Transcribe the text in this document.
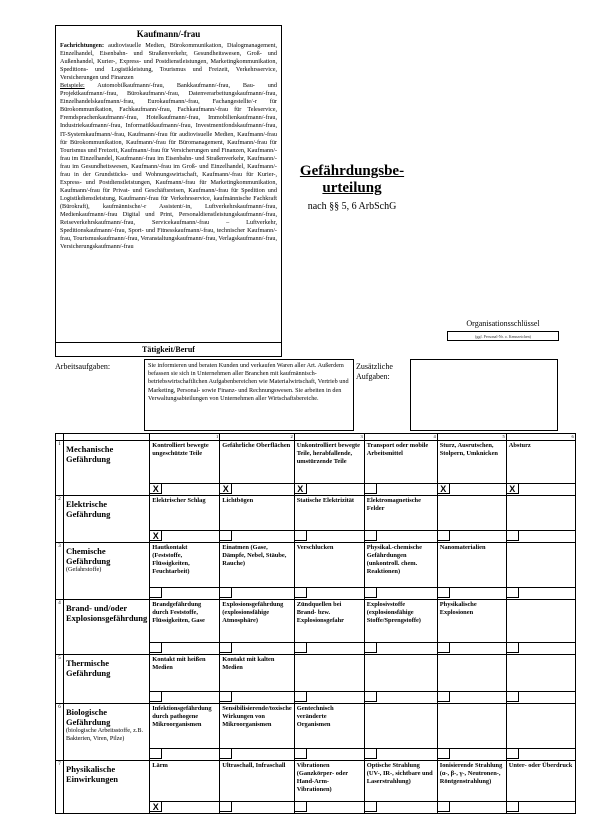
Kaufmann/-frau

Fachrichtungen: audiovisuelle Medien, Bürokommunikation, Dialogmanagement, Einzelhandel, Eisenbahn- und Straßenverkehr, Gesundheitswesen, Groß- und Außenhandel, Kurier-, Express- und Postdienstleistungen, Marketingkommunikation, Speditions- und Logistikleistung, Tourismus und Freizeit, Verkehrsservice, Versicherungen und Finanzen

Beispiele: Automobilkaufmann/-frau, Bankkaufmann/-frau, Bau- und Projektkaufmann/-frau, Bürokaufmann/-frau, Datenverarbeitungskaufmann/-frau, Einzelhandelskaufmann/-frau, Eurokaufmann/-frau, Fachangestellte/-r für Bürokommunikation, Fachkaufmann/-frau, Fachkaufmann/-frau für Teleservice, Fremdsprachenkaufmann/-frau, Hotelkaufmann/-frau, Immobilienkaufmann/-frau, Industriekaufmann/-frau, Informatikkaufmann/-frau, Investmentfondskaufmann/-frau, IT-Systemkaufmann/-frau, Kaufmann/-frau für audiovisuelle Medien, Kaufmann/-frau für Bürokommunikation, Kaufmann/-frau für Büromanagement, Kaufmann/-frau für Tourismus und Freizeit, Kaufmann/-frau für Versicherungen und Finanzen, Kaufmann/-frau im Einzelhandel, Kaufmann/-frau im Eisenbahn- und Straßenverkehr, Kaufmann/-frau im Gesundheitswesen, Kaufmann/-frau im Groß- und Einzelhandel, Kaufmann/-frau in der Grundstücks- und Wohnungswirtschaft, Kaufmann/-frau für Kurier-, Express- und Postdienstleistungen, Kaufmann/-frau für Marketingkommunikation, Kaufmann/-frau für Privat- und Geschäftsreisen, Kaufmann/-frau für Spedition und Logistikdienstleistung, Kaufmann/-frau für Verkehrsservice, kaufmännische Fachkraft (Bürokraft), kaufmännische/-r Assistent/-in, Luftverkehrskaufmann/-frau, Medienkaufmann/-frau Digital und Print, Personaldienstleistungskaufmann/-frau, Reiseverkehrskaufmann/-frau, Servicekaufmann/-frau – Luftverkehr, Speditionskaufmann/-frau, Sport- und Fitnesskaufmann/-frau, technischer Kaufmann/-frau, Tourismuskaufmann/-frau, Veranstaltungskaufmann/-frau, Verlagskaufmann/-frau, Versicherungskaufmann/-frau

Tätigkeit/Beruf
Gefährdungsbe-urteilung
nach §§ 5, 6 ArbSchG
Organisationsschlüssel
(ggf. Personal-Nr. o. Kennzeichen)
Arbeitsaufgaben:	Sie informieren und beraten Kunden und verkaufen Waren aller Art. Außerdem befassen sie sich in Unternehmen aller Branchen mit kaufmännisch-betriebswirtschaftlichen Aufgabenbereichen wie Materialwirtschaft, Vertrieb und Marketing, Personal- sowie Finanz- und Rechnungswesen. Sie arbeiten in den Verwaltungsabteilungen von Unternehmen aller Wirtschaftsbereiche.

Zusätzliche Aufgaben:

		1	2	3	4	5	6

1	Mechanische Gefährdung	Kontrolliert bewegte ungeschützte Teile	Gefährliche Oberflächen	Unkontrolliert bewegte Teile, herabfallende, umstürzende Teile	Transport oder mobile Arbeitsmittel	Sturz, Ausrutschen, Stolpern, Umknicken	Absturz

		X	X	X		X	X

2	Elektrische Gefährdung	Elektrischer Schlag	Lichtbögen	Statische Elektrizität	Elektromagnetische Felder		

		X					

3	Chemische Gefährdung
(Gefahrstoffe)	Hautkontakt (Feststoffe, Flüssigkeiten, Feuchtarbeit)	Einatmen (Gase, Dämpfe, Nebel, Stäube, Rauche)	Verschlucken	Physikal.-chemische Gefährdungen (unkontroll. chem. Reaktionen)	Nanomaterialien	

4	Brand- und/oder Explosionsgefährdung	Brandgefährdung durch Feststoffe, Flüssigkeiten, Gase	Explosionsgefährdung (explosionsfähige Atmosphäre)	Zündquellen bei Brand- bzw. Explosionsgefahr	Explosivstoffe (explosionsfähige Stoffe/Sprengstoffe)	Physikalische Explosionen	

5	Thermische Gefährdung	Kontakt mit heißen Medien	Kontakt mit kalten Medien				

6	Biologische Gefährdung
(biologische Arbeitsstoffe, z.B. Bakterien, Viren, Pilze)	Infektionsgefährdung durch pathogene Mikroorganismen	Sensibilisierende/toxische Wirkungen von Mikroorganismen	Gentechnisch veränderte Organismen			

7	Physikalische Einwirkungen	Lärm	Ultraschall, Infraschall	Vibrationen (Ganzkörper- oder Hand-Arm-Vibrationen)	Optische Strahlung (UV-, IR-, sichtbare und Laserstrahlung)	Ionisierende Strahlung (α-, β-, γ-, Neutronen-, Röntgenstrahlung)	Unter- oder Überdruck

		X					
